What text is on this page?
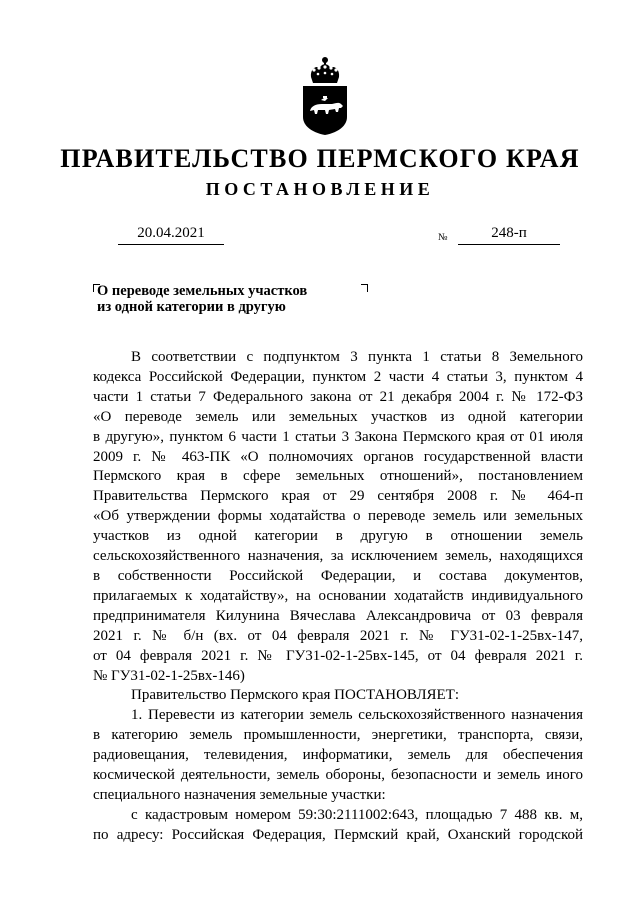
ПРАВИТЕЛЬСТВО ПЕРМСКОГО КРАЯ
ПОСТАНОВЛЕНИЕ
20.04.2021	№	248-п
О переводе земельных участков
из одной категории в другую
В соответствии с подпунктом 3 пункта 1 статьи 8 Земельного
кодекса Российской Федерации, пунктом 2 части 4 статьи 3, пунктом 4
части 1 статьи 7 Федерального закона от 21 декабря 2004 г. № 172-ФЗ
«О переводе земель или земельных участков из одной категории
в другую», пунктом 6 части 1 статьи 3 Закона Пермского края от 01 июля
2009 г. № 463-ПК «О полномочиях органов государственной власти
Пермского края в сфере земельных отношений», постановлением
Правительства Пермского края от 29 сентября 2008 г. № 464-п
«Об утверждении формы ходатайства о переводе земель или земельных
участков из одной категории в другую в отношении земель
сельскохозяйственного назначения, за исключением земель, находящихся
в собственности Российской Федерации, и состава документов,
прилагаемых к ходатайству», на основании ходатайств индивидуального
предпринимателя Килунина Вячеслава Александровича от 03 февраля
2021 г. № б/н (вх. от 04 февраля 2021 г. № ГУ31-02-1-25вх-147,
от 04 февраля 2021 г. № ГУ31-02-1-25вх-145, от 04 февраля 2021 г.
№ ГУ31-02-1-25вх-146)
Правительство Пермского края ПОСТАНОВЛЯЕТ:
1. Перевести из категории земель сельскохозяйственного назначения
в категорию земель промышленности, энергетики, транспорта, связи,
радиовещания, телевидения, информатики, земель для обеспечения
космической деятельности, земель обороны, безопасности и земель иного
специального назначения земельные участки:
с кадастровым номером 59:30:2111002:643, площадью 7 488 кв. м,
по адресу: Российская Федерация, Пермский край, Оханский городской
